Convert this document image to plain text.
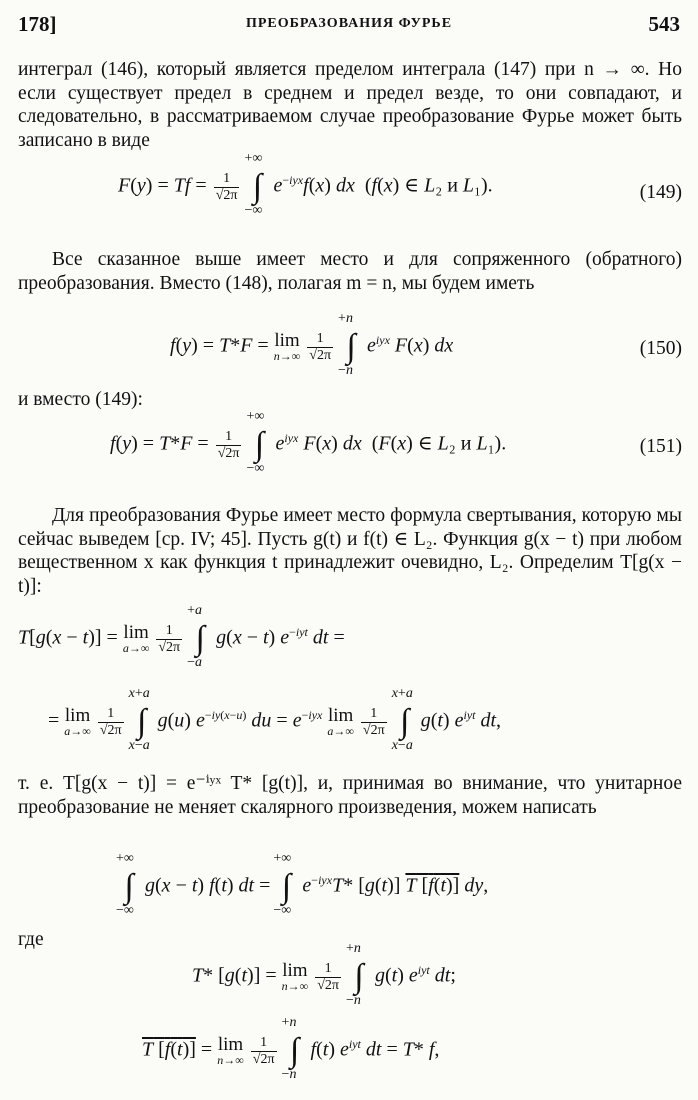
178]	ПРЕОБРАЗОВАНИЯ ФУРЬЕ	543
интеграл (146), который является пределом интеграла (147) при n → ∞. Но если существует предел в среднем и предел везде, то они совпадают, и следовательно, в рассматриваемом случае преобразование Фурье может быть записано в виде
$F(y) = Tf = \frac{1}{√2\pi}$

+∞
∫
−∞
$e^{-iyx}f(x)$ dx  (f(x) ∈ L₂ и L₁).	(149)
Все сказанное выше имеет место и для сопряженного (обратного) преобразования. Вместо (148), полагая m = n, мы будем иметь
f(y) = T*F = lim
n→∞
$\frac{1}{√2\pi}$

+n
∫
−n
$e^{iyx}$ F(x) dx	(150)
и вместо (149):
$f(y) = T*F = \frac{1}{√2\pi}$

+∞
∫
−∞
$e^{iyx}$ F(x) dx  (F(x) ∈ L₂ и L₁).	(151)
Для преобразования Фурье имеет место формула свертывания, которую мы сейчас выведем [ср. IV; 45]. Пусть g(t) и f(t) ∈ L₂. Функция g(x − t) при любом вещественном x как функция t принадлежит очевидно, L₂. Определим T[g(x − t)]:
T[g(x − t)] = lim
a→∞
$\frac{1}{√2\pi}$

+a
∫
−a
g(x − t) $e^{-iyt}$ dt =
= lim
a→∞
$\frac{1}{√2\pi}$

x+a
∫
x−a
g(u) $e^{-iy(x-u)}$ du = $e^{-iyx}$ lim
a→∞
$\frac{1}{√2\pi}$

x+a
∫
x−a
g(t) $e^{iyt}$ dt,
т. е. T[g(x − t)] = e⁻ⁱʸˣ T* [g(t)], и, принимая во внимание, что унитарное преобразование не меняет скалярного произведения, можем написать
+∞
∫
−∞
g(x − t) f(t) dt =
+∞
∫
−∞
$e^{-iyx}T*$ [g(t)] T [f(t)] dy,
где
T* [g(t)] = lim
n→∞
$\frac{1}{√2\pi}$

+n
∫
−n
g(t) $e^{iyt}$ dt;
T [f(t)] = lim
n→∞
$\frac{1}{√2\pi}$

+n
∫
−n
f(t) $e^{iyt}$ dt = T* f,
